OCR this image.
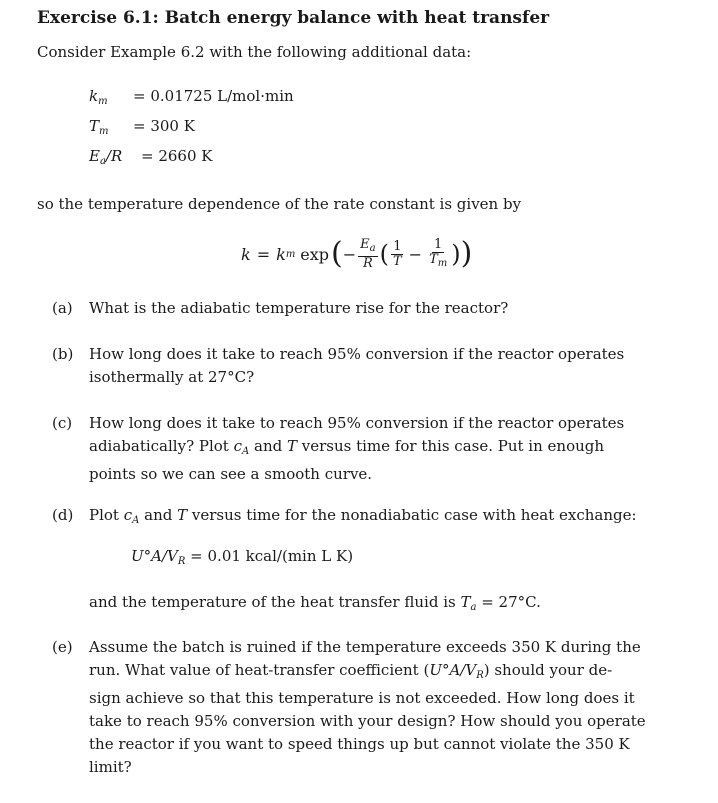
Exercise 6.1: Batch energy balance with heat transfer
Consider Example 6.2 with the following additional data:
$k_m = 0.01725$ L/mol·min
$T_m = 300$ K
$E_a/R = 2660$ K
so the temperature dependence of the rate constant is given by
k = k m exp ( − $\frac{E_a}{R}$ ( $\frac{1}{T} - \frac{1}{T_m}$ ) )
(a)	What is the adiabatic temperature rise for the reactor?
(b)	How long does it take to reach 95% conversion if the reactor operates
isothermally at 27°C?
(c)	How long does it take to reach 95% conversion if the reactor operates
adiabatically? Plot $c_A$ and T versus time for this case. Put in enough
points so we can see a smooth curve.
(d)	Plot $c_A$ and T versus time for the nonadiabatic case with heat exchange:
$U^\circ A/V_R = 0.01$ kcal/(min L K)
and the temperature of the heat transfer fluid is $T_a = 27^\circ C$.
(e)	Assume the batch is ruined if the temperature exceeds 350 K during the
run. What value of heat-transfer coefficient $(U^\circ A/V_R)$ should your de-
sign achieve so that this temperature is not exceeded. How long does it
take to reach 95% conversion with your design? How should you operate
the reactor if you want to speed things up but cannot violate the 350 K
limit?
